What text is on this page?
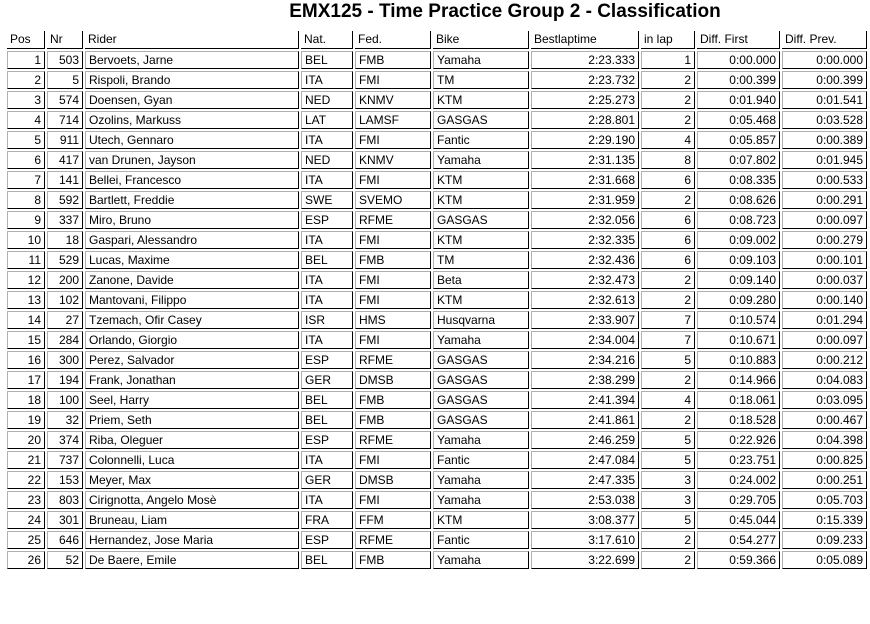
EMX125 - Time Practice Group 2 - Classification
Pos	Nr	Rider	Nat.	Fed.	Bike	Bestlaptime	in lap	Diff. First	Diff. Prev.
1	503	Bervoets, Jarne	BEL	FMB	Yamaha	2:23.333	1	0:00.000	0:00.000
2	5	Rispoli, Brando	ITA	FMI	TM	2:23.732	2	0:00.399	0:00.399
3	574	Doensen, Gyan	NED	KNMV	KTM	2:25.273	2	0:01.940	0:01.541
4	714	Ozolins, Markuss	LAT	LAMSF	GASGAS	2:28.801	2	0:05.468	0:03.528
5	911	Utech, Gennaro	ITA	FMI	Fantic	2:29.190	4	0:05.857	0:00.389
6	417	van Drunen, Jayson	NED	KNMV	Yamaha	2:31.135	8	0:07.802	0:01.945
7	141	Bellei, Francesco	ITA	FMI	KTM	2:31.668	6	0:08.335	0:00.533
8	592	Bartlett, Freddie	SWE	SVEMO	KTM	2:31.959	2	0:08.626	0:00.291
9	337	Miro, Bruno	ESP	RFME	GASGAS	2:32.056	6	0:08.723	0:00.097
10	18	Gaspari, Alessandro	ITA	FMI	KTM	2:32.335	6	0:09.002	0:00.279
11	529	Lucas, Maxime	BEL	FMB	TM	2:32.436	6	0:09.103	0:00.101
12	200	Zanone, Davide	ITA	FMI	Beta	2:32.473	2	0:09.140	0:00.037
13	102	Mantovani, Filippo	ITA	FMI	KTM	2:32.613	2	0:09.280	0:00.140
14	27	Tzemach, Ofir Casey	ISR	HMS	Husqvarna	2:33.907	7	0:10.574	0:01.294
15	284	Orlando, Giorgio	ITA	FMI	Yamaha	2:34.004	7	0:10.671	0:00.097
16	300	Perez, Salvador	ESP	RFME	GASGAS	2:34.216	5	0:10.883	0:00.212
17	194	Frank, Jonathan	GER	DMSB	GASGAS	2:38.299	2	0:14.966	0:04.083
18	100	Seel, Harry	BEL	FMB	GASGAS	2:41.394	4	0:18.061	0:03.095
19	32	Priem, Seth	BEL	FMB	GASGAS	2:41.861	2	0:18.528	0:00.467
20	374	Riba, Oleguer	ESP	RFME	Yamaha	2:46.259	5	0:22.926	0:04.398
21	737	Colonnelli, Luca	ITA	FMI	Fantic	2:47.084	5	0:23.751	0:00.825
22	153	Meyer, Max	GER	DMSB	Yamaha	2:47.335	3	0:24.002	0:00.251
23	803	Cirignotta, Angelo Mosè	ITA	FMI	Yamaha	2:53.038	3	0:29.705	0:05.703
24	301	Bruneau, Liam	FRA	FFM	KTM	3:08.377	5	0:45.044	0:15.339
25	646	Hernandez, Jose Maria	ESP	RFME	Fantic	3:17.610	2	0:54.277	0:09.233
26	52	De Baere, Emile	BEL	FMB	Yamaha	3:22.699	2	0:59.366	0:05.089
